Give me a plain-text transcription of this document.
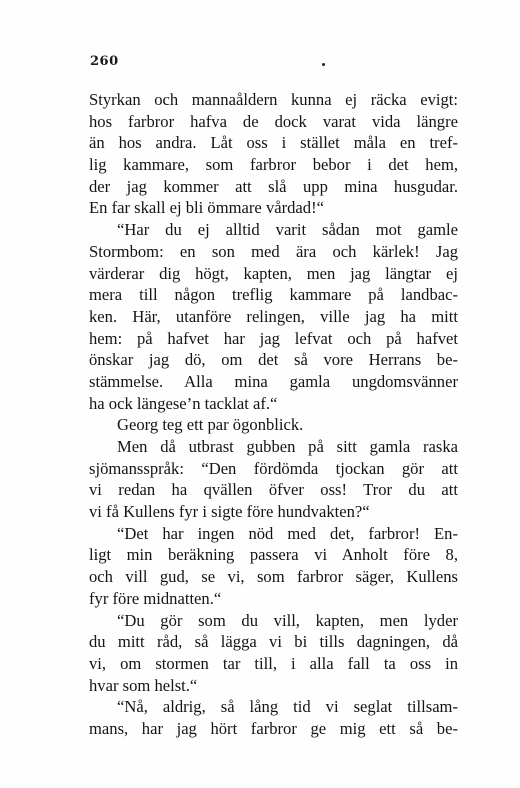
260
Styrkan och mannaåldern kunna ej räcka evigt:
hos farbror hafva de dock varat vida längre
än hos andra. Låt oss i stället måla en tref-
lig kammare, som farbror bebor i det hem,
der jag kommer att slå upp mina husgudar.
En far skall ej bli ömmare vårdad!“
“Har du ej alltid varit sådan mot gamle
Stormbom: en son med ära och kärlek! Jag
värderar dig högt, kapten, men jag längtar ej
mera till någon treflig kammare på landbac-
ken. Här, utanföre relingen, ville jag ha mitt
hem: på hafvet har jag lefvat och på hafvet
önskar jag dö, om det så vore Herrans be-
stämmelse. Alla mina gamla ungdomsvänner
ha ock längese’n tacklat af.“
Georg teg ett par ögonblick.
Men då utbrast gubben på sitt gamla raska
sjömansspråk: “Den fördömda tjockan gör att
vi redan ha qvällen öfver oss! Tror du att
vi få Kullens fyr i sigte före hundvakten?“
“Det har ingen nöd med det, farbror! En-
ligt min beräkning passera vi Anholt före 8,
och vill gud, se vi, som farbror säger, Kullens
fyr före midnatten.“
“Du gör som du vill, kapten, men lyder
du mitt råd, så lägga vi bi tills dagningen, då
vi, om stormen tar till, i alla fall ta oss in
hvar som helst.“
“Nå, aldrig, så lång tid vi seglat tillsam-
mans, har jag hört farbror ge mig ett så be-
